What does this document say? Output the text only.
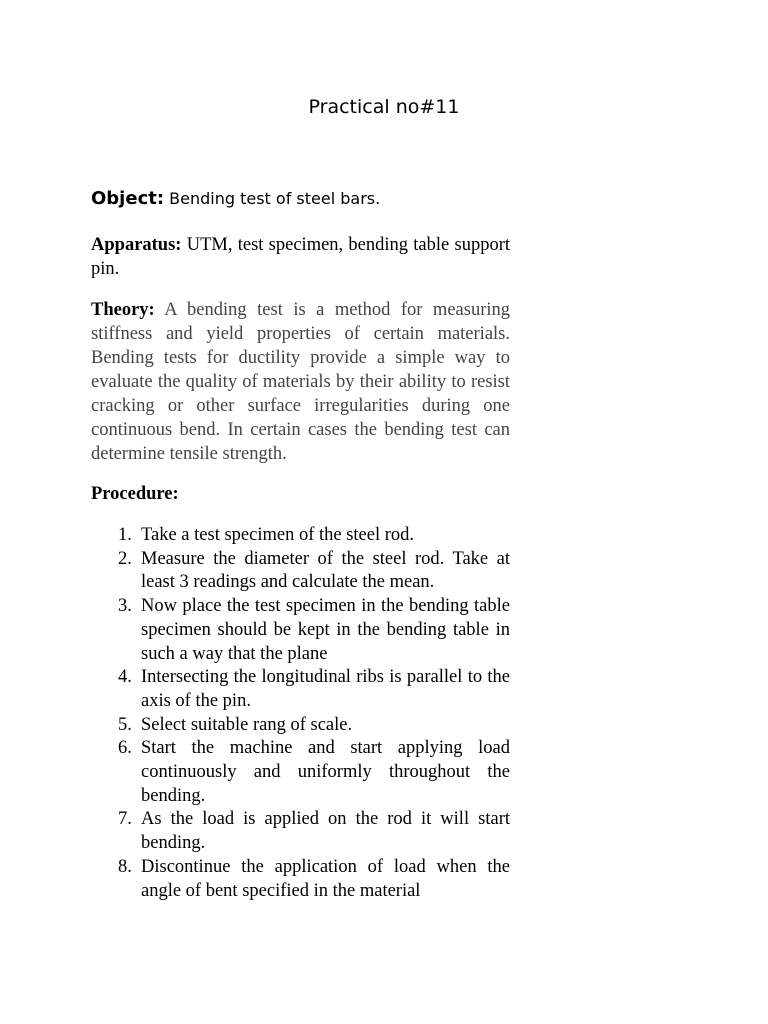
Practical no#11
Object: Bending test of steel bars.

Apparatus: UTM, test specimen, bending table support pin.

Theory: A bending test is a method for measuring stiffness and yield properties of certain materials. Bending tests for ductility provide a simple way to evaluate the quality of materials by their ability to resist cracking or other surface irregularities during one continuous bend. In certain cases the bending test can determine tensile strength.

Procedure:
1. Take a test specimen of the steel rod.
2. Measure the diameter of the steel rod. Take at least 3 readings and calculate the mean.
3. Now place the test specimen in the bending table specimen should be kept in the bending table in such a way that the plane
4. Intersecting the longitudinal ribs is parallel to the axis of the pin.
5. Select suitable rang of scale.
6. Start the machine and start applying load continuously and uniformly throughout the bending.
7. As the load is applied on the rod it will start bending.
8. Discontinue the application of load when the angle of bent specified in the material
